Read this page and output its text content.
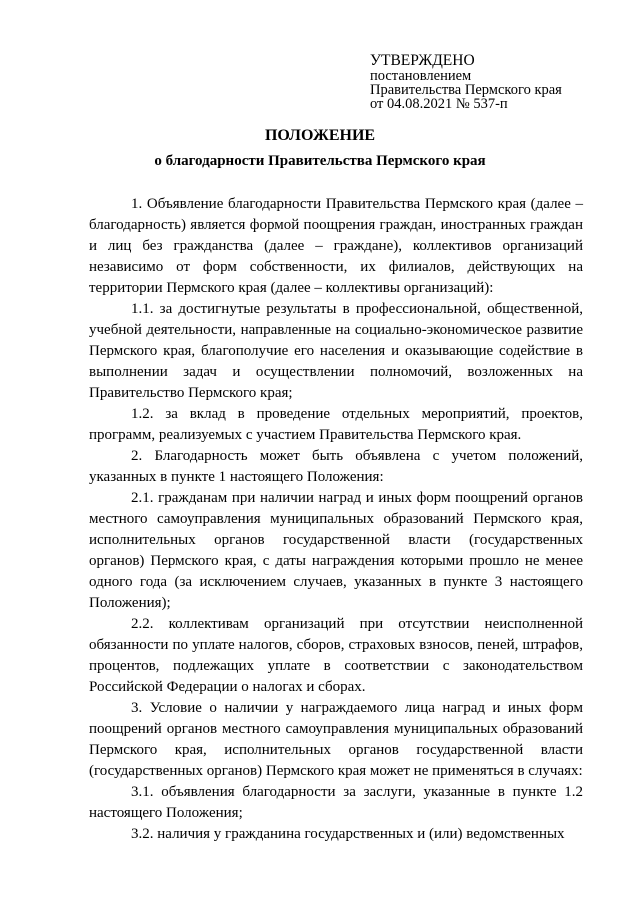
УТВЕРЖДЕНО
постановлением
Правительства Пермского края
от 04.08.2021 № 537-п
ПОЛОЖЕНИЕ
о благодарности Правительства Пермского края

1. Объявление благодарности Правительства Пермского края (далее – благодарность) является формой поощрения граждан, иностранных граждан и лиц без гражданства (далее – граждане), коллективов организаций независимо от форм собственности, их филиалов, действующих на территории Пермского края (далее – коллективы организаций):

1.1. за достигнутые результаты в профессиональной, общественной, учебной деятельности, направленные на социально-экономическое развитие Пермского края, благополучие его населения и оказывающие содействие в выполнении задач и осуществлении полномочий, возложенных на Правительство Пермского края;

1.2. за вклад в проведение отдельных мероприятий, проектов, программ, реализуемых с участием Правительства Пермского края.

2. Благодарность может быть объявлена с учетом положений, указанных в пункте 1 настоящего Положения:

2.1. гражданам при наличии наград и иных форм поощрений органов местного самоуправления муниципальных образований Пермского края, исполнительных органов государственной власти (государственных органов) Пермского края, с даты награждения которыми прошло не менее одного года (за исключением случаев, указанных в пункте 3 настоящего Положения);

2.2. коллективам организаций при отсутствии неисполненной обязанности по уплате налогов, сборов, страховых взносов, пеней, штрафов, процентов, подлежащих уплате в соответствии с законодательством Российской Федерации о налогах и сборах.

3. Условие о наличии у награждаемого лица наград и иных форм поощрений органов местного самоуправления муниципальных образований Пермского края, исполнительных органов государственной власти (государственных органов) Пермского края может не применяться в случаях:

3.1. объявления благодарности за заслуги, указанные в пункте 1.2 настоящего Положения;

3.2. наличия у гражданина государственных и (или) ведомственных
